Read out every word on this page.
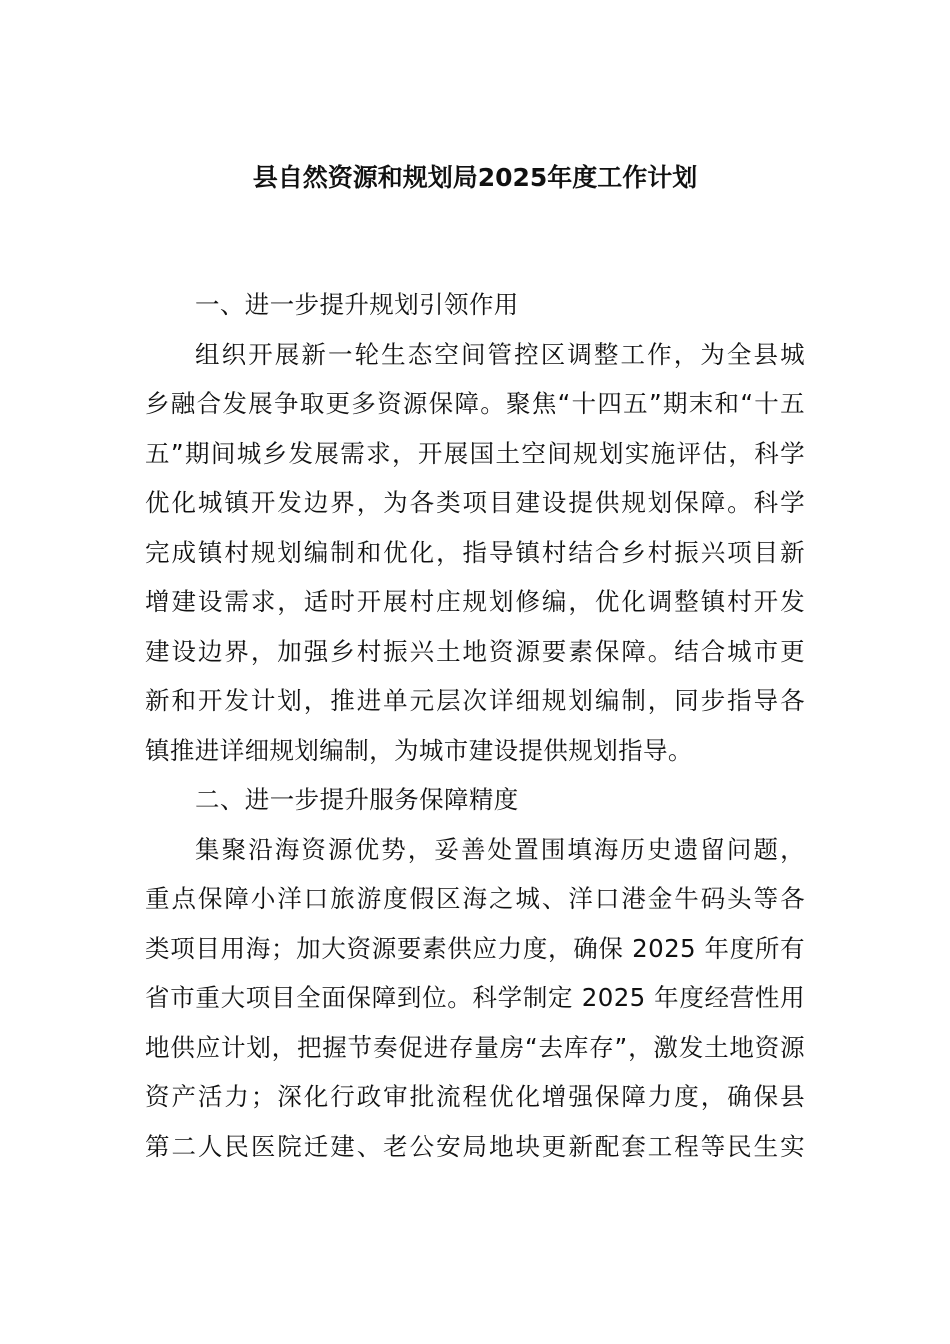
县自然资源和规划局2025年度工作计划
一、进一步提升规划引领作用
组织开展新一轮生态空间管控区调整工作，为全县城
乡融合发展争取更多资源保障。聚焦“十四五”期末和“十五
五”期间城乡发展需求，开展国土空间规划实施评估，科学
优化城镇开发边界，为各类项目建设提供规划保障。科学
完成镇村规划编制和优化，指导镇村结合乡村振兴项目新
增建设需求，适时开展村庄规划修编，优化调整镇村开发
建设边界，加强乡村振兴土地资源要素保障。结合城市更
新和开发计划，推进单元层次详细规划编制，同步指导各
镇推进详细规划编制，为城市建设提供规划指导。
二、进一步提升服务保障精度
集聚沿海资源优势，妥善处置围填海历史遗留问题，
重点保障小洋口旅游度假区海之城、洋口港金牛码头等各
类项目用海；加大资源要素供应力度，确保 2025 年度所有
省市重大项目全面保障到位。科学制定 2025 年度经营性用
地供应计划，把握节奏促进存量房“去库存”，激发土地资源
资产活力；深化行政审批流程优化增强保障力度，确保县
第二人民医院迁建、老公安局地块更新配套工程等民生实
